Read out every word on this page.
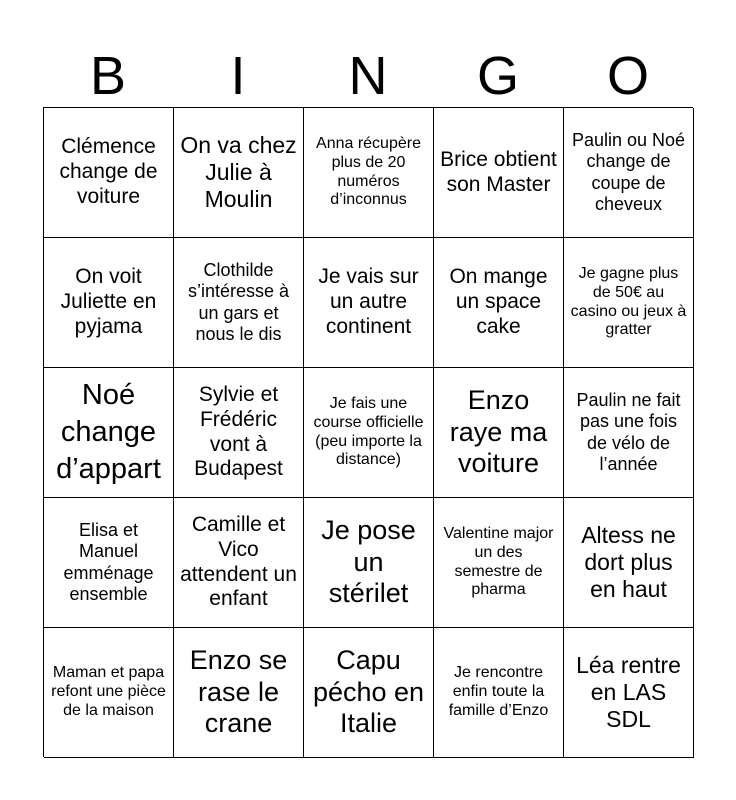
B	I	N	G	O
Clémence change de voiture
On va chez Julie à Moulin
Anna récupère plus de 20 numéros d’inconnus
Brice obtient son Master
Paulin ou Noé change de coupe de cheveux
On voit Juliette en pyjama
Clothilde s’intéresse à un gars et nous le dis
Je vais sur un autre continent
On mange un space cake
Je gagne plus de 50€ au casino ou jeux à gratter
Noé change d’appart
Sylvie et Frédéric vont à Budapest
Je fais une course officielle (peu importe la distance)
Enzo raye ma voiture
Paulin ne fait pas une fois de vélo de l’année
Elisa et Manuel emménage ensemble
Camille et Vico attendent un enfant
Je pose un stérilet
Valentine major un des semestre de pharma
Altess ne dort plus en haut
Maman et papa refont une pièce de la maison
Enzo se rase le crane
Capu pécho en Italie
Je rencontre enfin toute la famille d’Enzo
Léa rentre en LAS SDL
